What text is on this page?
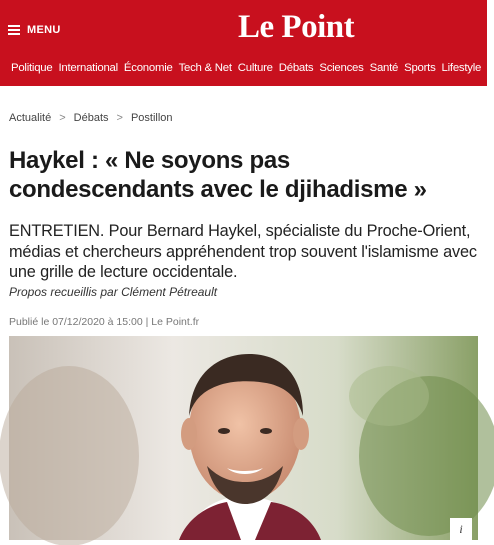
MENU	Le Point
Politique International Économie Tech & Net Culture Débats Sciences Santé Sports Lifestyle A
Actualité > Débats > Postillon
Haykel : « Ne soyons pas condescendants avec le djihadisme »

ENTRETIEN. Pour Bernard Haykel, spécialiste du Proche-Orient, médias et chercheurs appréhendent trop souvent l'islamisme avec une grille de lecture occidentale.

Propos recueillis par Clément Pétreault
Publié le 07/12/2020 à 15:00 | Le Point.fr
i
